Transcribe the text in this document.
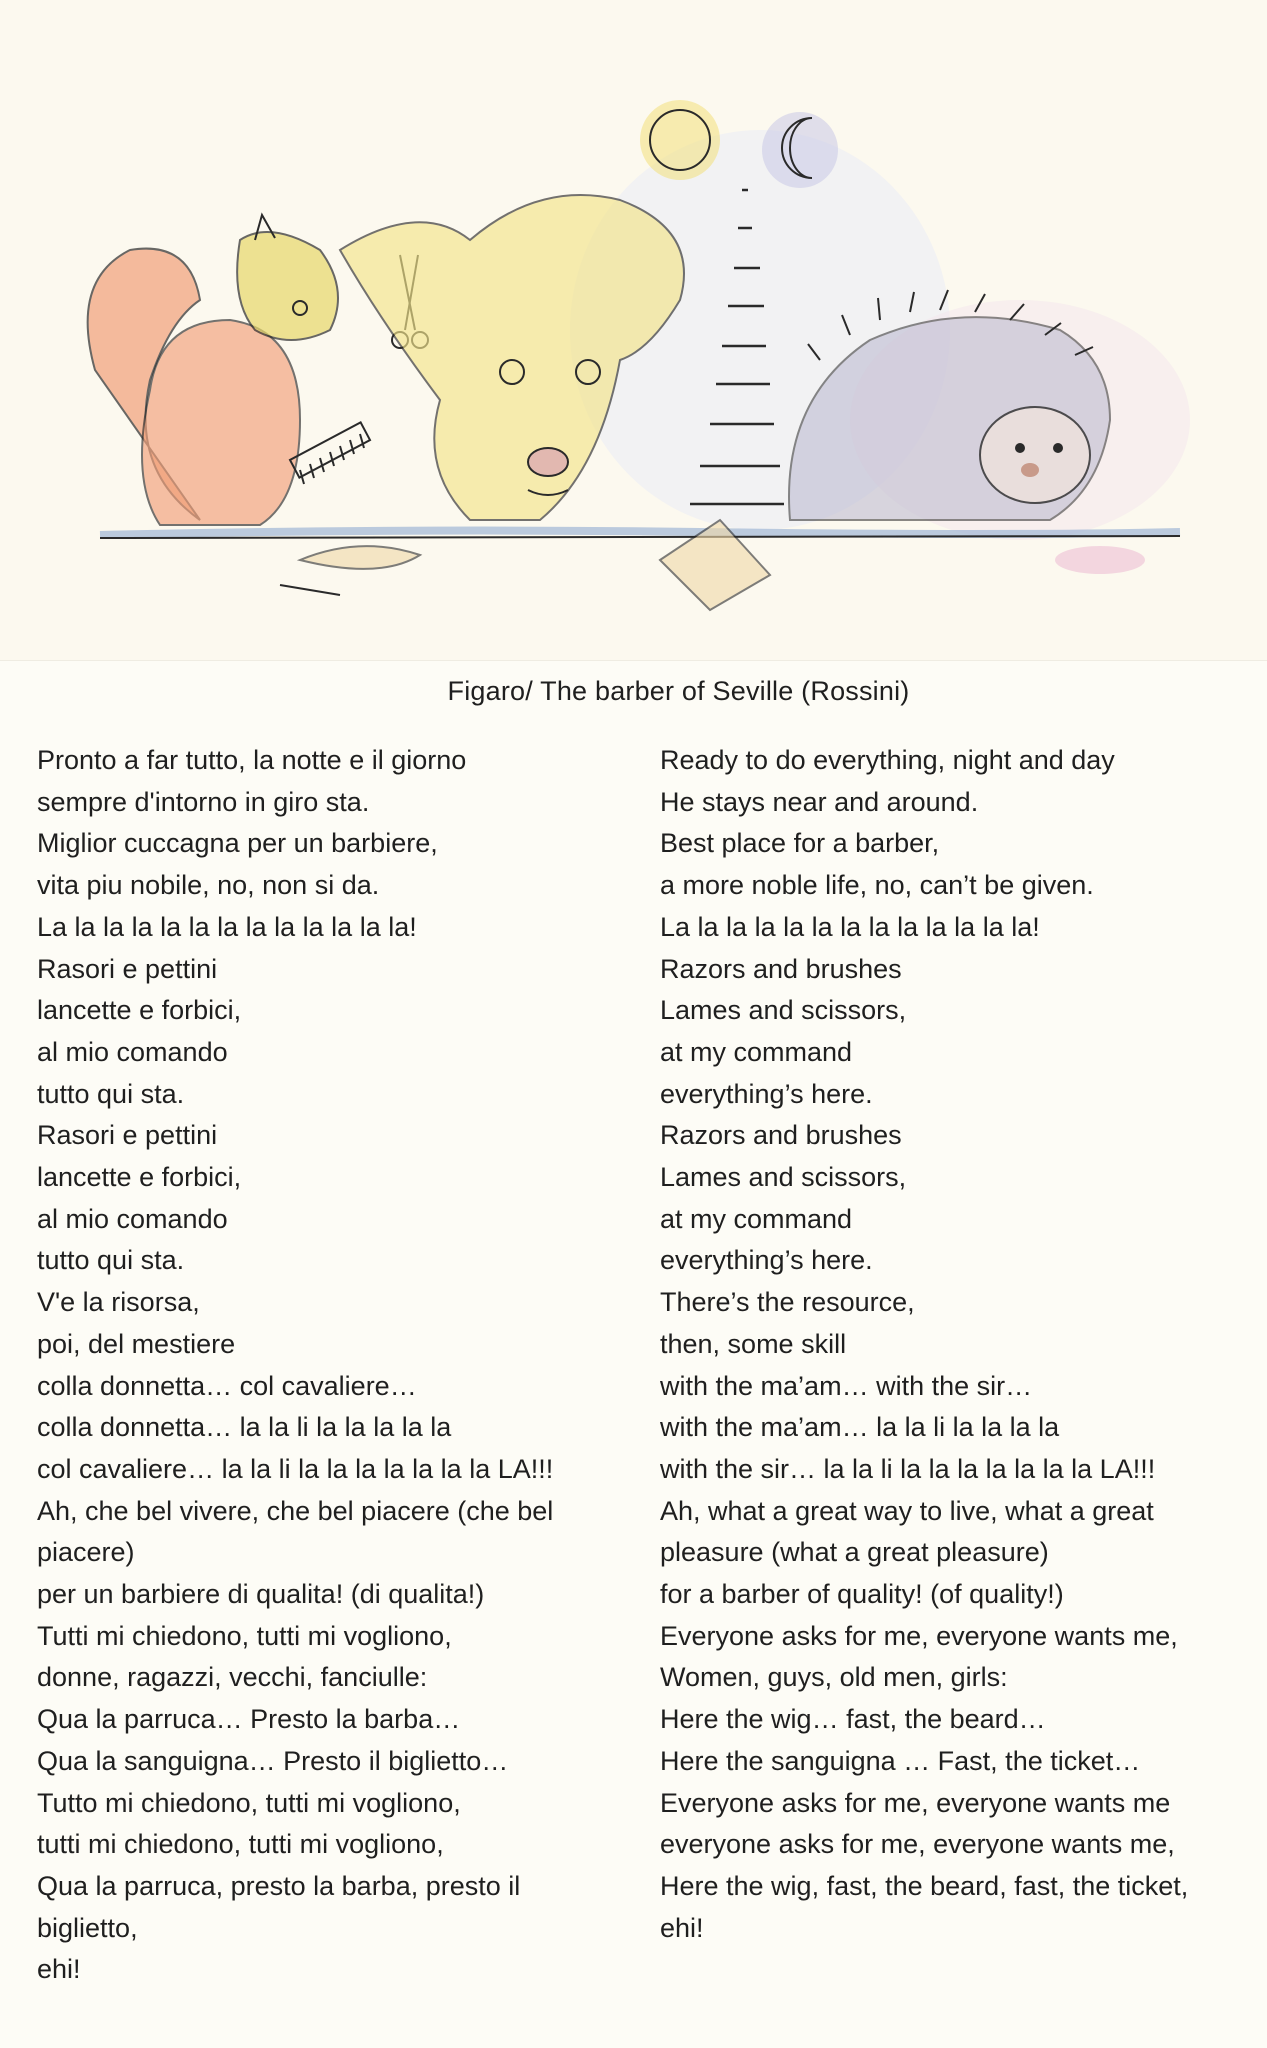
Figaro/ The barber of Seville (Rossini)
Pronto a far tutto, la notte e il giorno
sempre d'intorno in giro sta.
Miglior cuccagna per un barbiere,
vita piu nobile, no, non si da.
La la la la la la la la la la la la la!
Rasori e pettini
lancette e forbici,
al mio comando
tutto qui sta.
Rasori e pettini
lancette e forbici,
al mio comando
tutto qui sta.
V'e la risorsa,
poi, del mestiere
colla donnetta… col cavaliere…
colla donnetta… la la li la la la la la
col cavaliere… la la li la la la la la la la LA!!!
Ah, che bel vivere, che bel piacere (che bel
piacere)
per un barbiere di qualita! (di qualita!)
Tutti mi chiedono, tutti mi vogliono,
donne, ragazzi, vecchi, fanciulle:
Qua la parruca… Presto la barba…
Qua la sanguigna… Presto il biglietto…
Tutto mi chiedono, tutti mi vogliono,
tutti mi chiedono, tutti mi vogliono,
Qua la parruca, presto la barba, presto il
biglietto,
ehi!
Ready to do everything, night and day
He stays near and around.
Best place for a barber,
a more noble life, no, can’t be given.
La la la la la la la la la la la la la!
Razors and brushes
Lames and scissors,
at my command
everything’s here.
Razors and brushes
Lames and scissors,
at my command
everything’s here.
There’s the resource,
then, some skill
with the ma’am… with the sir…
with the ma’am… la la li la la la la
with the sir… la la li la la la la la la la LA!!!
Ah, what a great way to live, what a great
pleasure (what a great pleasure)
for a barber of quality! (of quality!)
Everyone asks for me, everyone wants me,
Women, guys, old men, girls:
Here the wig… fast, the beard…
Here the sanguigna … Fast, the ticket…
Everyone asks for me, everyone wants me
everyone asks for me, everyone wants me,
Here the wig, fast, the beard, fast, the ticket,
ehi!
